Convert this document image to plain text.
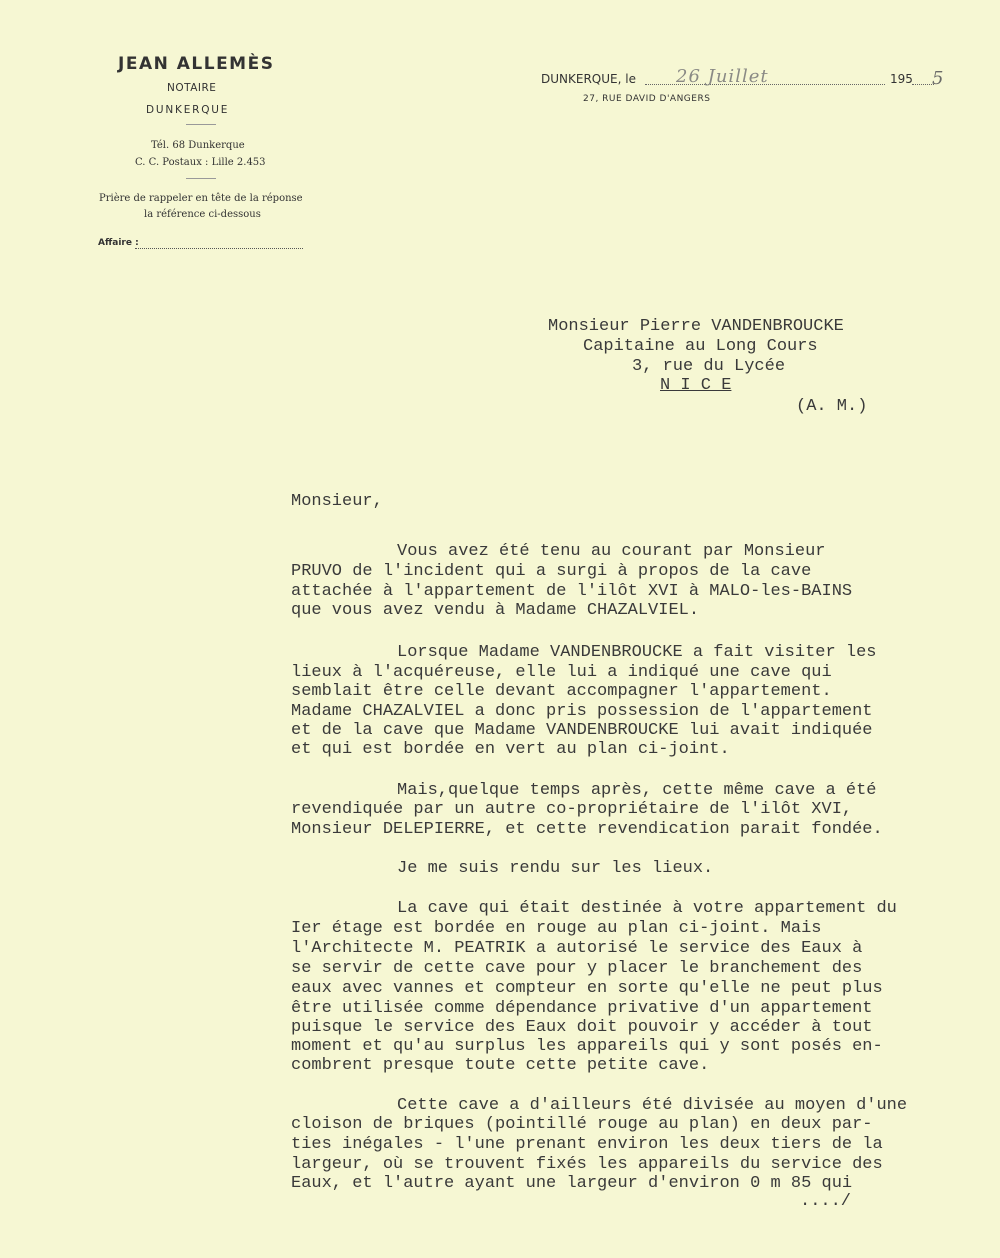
JEAN ALLEMÈS
NOTAIRE
DUNKERQUE
Tél. 68 Dunkerque
C. C. Postaux : Lille 2.453
Prière de rappeler en tête de la réponse
la référence ci-dessous
Affaire :
DUNKERQUE, le 26 Juillet	195 5
27, RUE DAVID D'ANGERS
Monsieur Pierre VANDENBROUCKE
Capitaine au Long Cours
3, rue du Lycée
N I C E
(A. M.)
Monsieur,
Vous avez été tenu au courant par Monsieur
PRUVO de l'incident qui a surgi à propos de la cave
attachée à l'appartement de l'ilôt XVI à MALO-les-BAINS
que vous avez vendu à Madame CHAZALVIEL.
Lorsque Madame VANDENBROUCKE a fait visiter les
lieux à l'acquéreuse, elle lui a indiqué une cave qui
semblait être celle devant accompagner l'appartement.
Madame CHAZALVIEL a donc pris possession de l'appartement
et de la cave que Madame VANDENBROUCKE lui avait indiquée
et qui est bordée en vert au plan ci-joint.
Mais,quelque temps après, cette même cave a été
revendiquée par un autre co-propriétaire de l'ilôt XVI,
Monsieur DELEPIERRE, et cette revendication parait fondée.
Je me suis rendu sur les lieux.
La cave qui était destinée à votre appartement du
Ier étage est bordée en rouge au plan ci-joint. Mais
l'Architecte M. PEATRIK a autorisé le service des Eaux à
se servir de cette cave pour y placer le branchement des
eaux avec vannes et compteur en sorte qu'elle ne peut plus
être utilisée comme dépendance privative d'un appartement
puisque le service des Eaux doit pouvoir y accéder à tout
moment et qu'au surplus les appareils qui y sont posés en-
combrent presque toute cette petite cave.
Cette cave a d'ailleurs été divisée au moyen d'une
cloison de briques (pointillé rouge au plan) en deux par-
ties inégales - l'une prenant environ les deux tiers de la
largeur, où se trouvent fixés les appareils du service des
Eaux, et l'autre ayant une largeur d'environ 0 m 85 qui
..../
